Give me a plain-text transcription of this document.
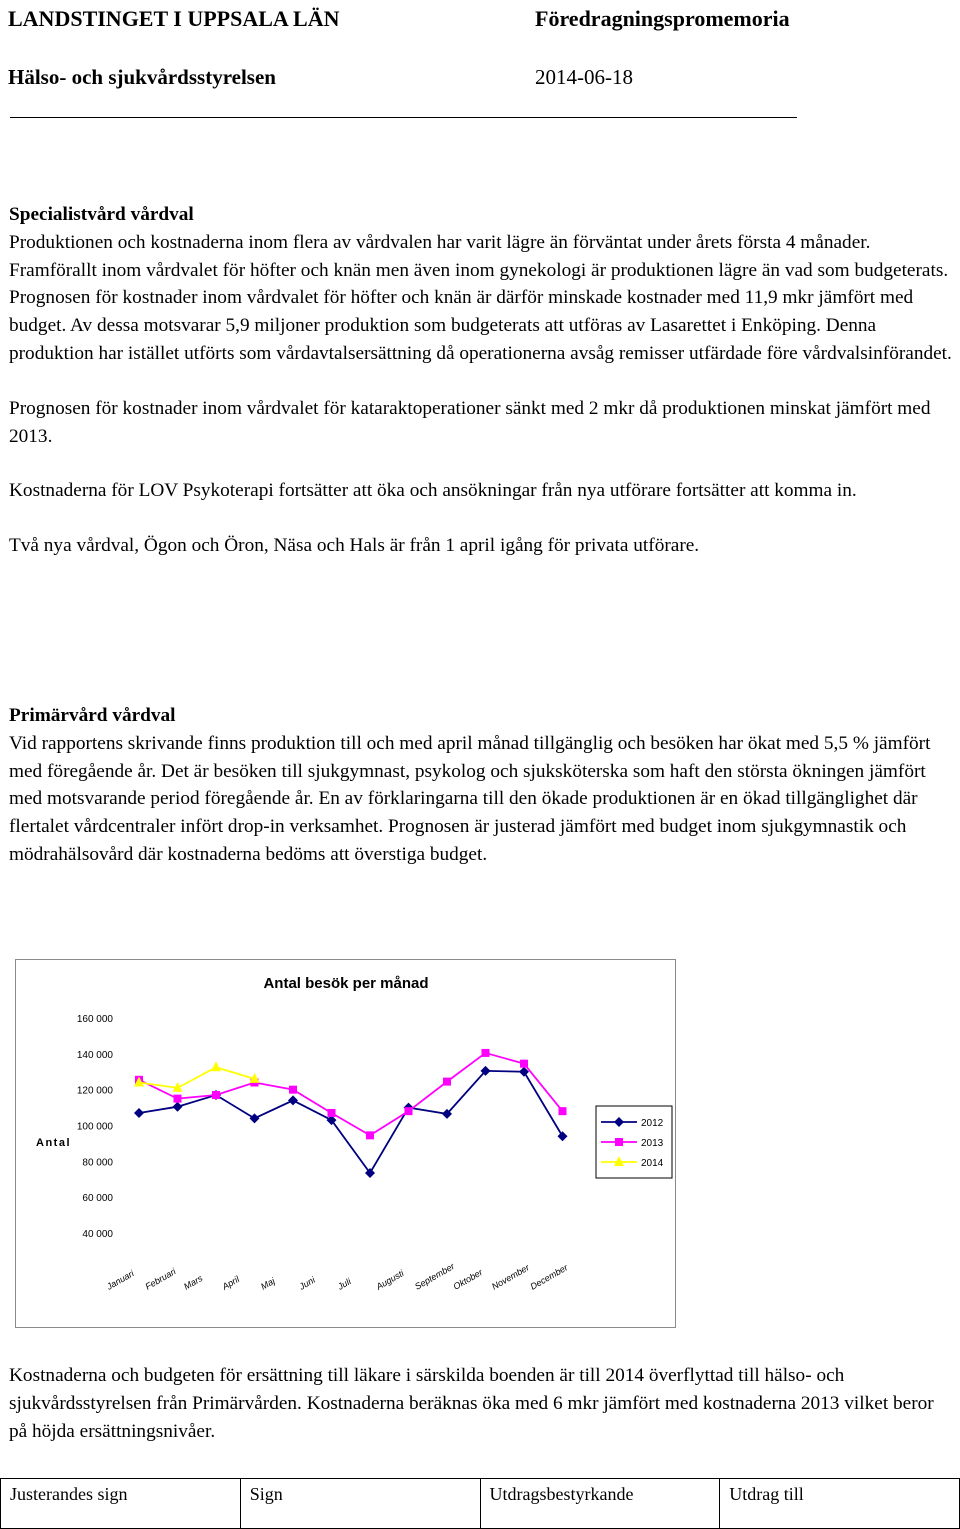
LANDSTINGET I UPPSALA LÄN	Föredragningspromemoria
Hälso- och sjukvårdsstyrelsen	2014-06-18

Specialistvård vårdval

Produktionen och kostnaderna inom flera av vårdvalen har varit lägre än förväntat under årets första 4 månader. Framförallt inom vårdvalet för höfter och knän men även inom gynekologi är produktionen lägre än vad som budgeterats. Prognosen för kostnader inom vårdvalet för höfter och knän är därför minskade kostnader med 11,9 mkr jämfört med budget. Av dessa motsvarar 5,9 miljoner produktion som budgeterats att utföras av Lasarettet i Enköping. Denna produktion har istället utförts som vårdavtalsersättning då operationerna avsåg remisser utfärdade före vårdvalsinförandet.

Prognosen för kostnader inom vårdvalet för kataraktoperationer sänkt med 2 mkr då produktionen minskat jämfört med 2013.

Kostnaderna för LOV Psykoterapi fortsätter att öka och ansökningar från nya utförare fortsätter att komma in.

Två nya vårdval, Ögon och Öron, Näsa och Hals är från 1 april igång för privata utförare.

Primärvård vårdval

Vid rapportens skrivande finns produktion till och med april månad tillgänglig och besöken har ökat med 5,5 % jämfört med föregående år. Det är besöken till sjukgymnast, psykolog och sjuksköterska som haft den största ökningen jämfört med motsvarande period föregående år. En av förklaringarna till den ökade produktionen är en ökad tillgänglighet där flertalet vårdcentraler infört drop-in verksamhet. Prognosen är justerad jämfört med budget inom sjukgymnastik och mödrahälsovård där kostnaderna bedöms att överstiga budget.

Antal besök per månad
Antal
160 000
140 000
120 000
100 000
80 000
60 000
40 000
Januari Februari Mars April Maj Juni Juli Augusti September
Oktober November
December
2012
2013
2014

Kostnaderna och budgeten för ersättning till läkare i särskilda boenden är till 2014 överflyttad till hälso- och sjukvårdsstyrelsen från Primärvården. Kostnaderna beräknas öka med 6 mkr jämfört med kostnaderna 2013 vilket beror på höjda ersättningsnivåer.

Justerandes sign	Sign	Utdragsbestyrkande	Utdrag till
